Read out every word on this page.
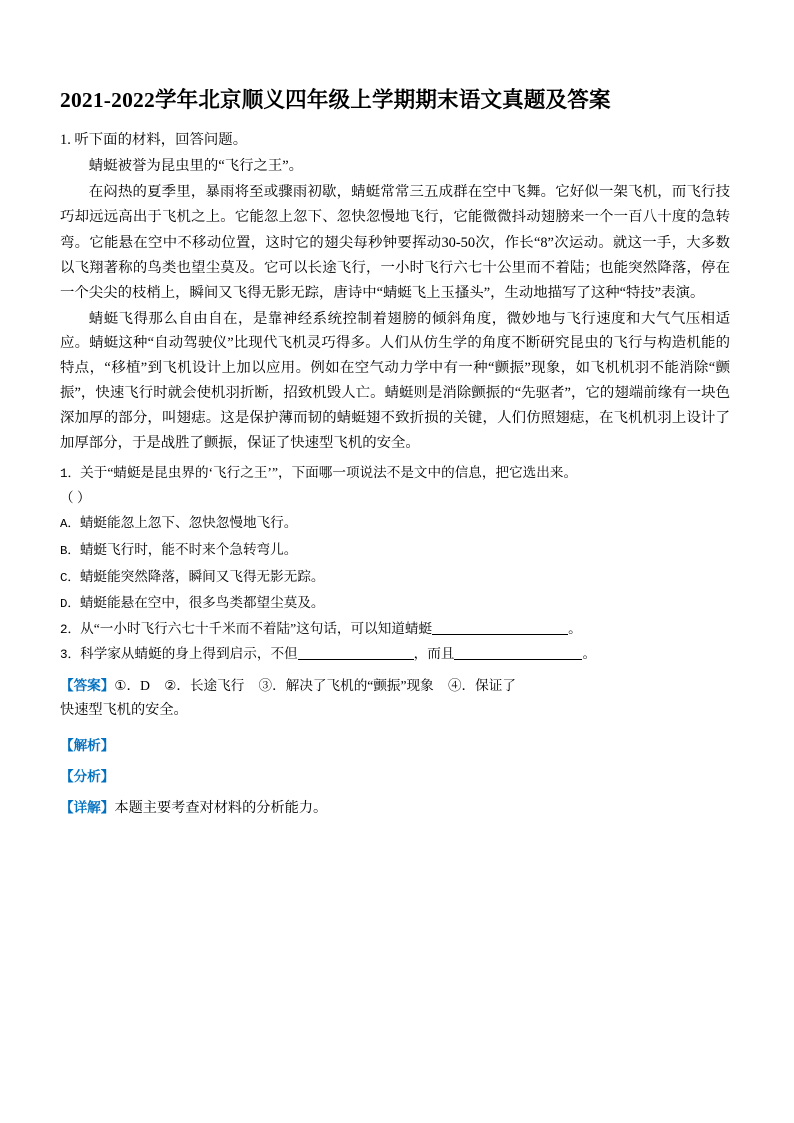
2021-2022学年北京顺义四年级上学期期末语文真题及答案

1. 听下面的材料，回答问题。

蜻蜓被誉为昆虫里的“飞行之王”。

在闷热的夏季里，暴雨将至或骤雨初歇，蜻蜓常常三五成群在空中飞舞。它好似一架飞机，而飞行技巧却远远高出于飞机之上。它能忽上忽下、忽快忽慢地飞行，它能微微抖动翅膀来一个一百八十度的急转弯。它能悬在空中不移动位置，这时它的翅尖每秒钟要挥动30-50次，作长“8”次运动。就这一手，大多数以飞翔著称的鸟类也望尘莫及。它可以长途飞行，一小时飞行六七十公里而不着陆；也能突然降落，停在一个尖尖的枝梢上，瞬间又飞得无影无踪，唐诗中“蜻蜓飞上玉搔头”，生动地描写了这种“特技”表演。

蜻蜓飞得那么自由自在，是靠神经系统控制着翅膀的倾斜角度，微妙地与飞行速度和大气气压相适应。蜻蜓这种“自动驾驶仪”比现代飞机灵巧得多。人们从仿生学的角度不断研究昆虫的飞行与构造机能的特点，“移植”到飞机设计上加以应用。例如在空气动力学中有一种“颤振”现象，如飞机机羽不能消除“颤振”，快速飞行时就会使机羽折断，招致机毁人亡。蜻蜓则是消除颤振的“先驱者”，它的翅端前缘有一块色深加厚的部分，叫翅痣。这是保护薄而韧的蜻蜓翅不致折损的关键，人们仿照翅痣，在飞机机羽上设计了加厚部分，于是战胜了颤振，保证了快速型飞机的安全。

1．关于“蜻蜓是昆虫界的‘飞行之王’”，下面哪一项说法不是文中的信息，把它选出来。

（ ）

A．蜻蜓能忽上忽下、忽快忽慢地飞行。

B．蜻蜓飞行时，能不时来个急转弯儿。

C．蜻蜓能突然降落，瞬间又飞得无影无踪。

D．蜻蜓能悬在空中，很多鸟类都望尘莫及。

2．从“一小时飞行六七十千米而不着陆”这句话，可以知道蜻蜓	。

3．科学家从蜻蜓的身上得到启示，不但	，而且	。

【答案】①．D ②．长途飞行 ③．解决了飞机的“颤振”现象 ④．保证了

快速型飞机的安全。

【解析】

【分析】

【详解】本题主要考查对材料的分析能力。
